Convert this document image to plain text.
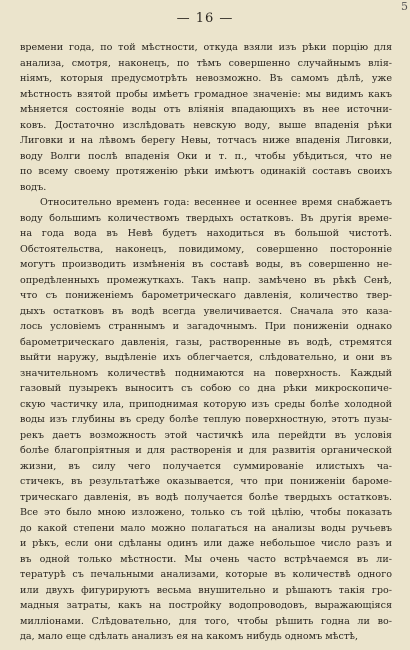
— 16 —
5
времени года, по той мѣстности, откуда взяли изъ рѣки порцію для
анализа, смотря, наконецъ, по тѣмъ совершенно случайнымъ влія-
ніямъ, которыя предусмотрѣть невозможно. Въ самомъ дѣлѣ, уже
мѣстность взятой пробы имѣетъ громадное значеніе: мы видимъ какъ
мѣняется состояніе воды отъ вліянія впадающихъ въ нее источни-
ковъ. Достаточно изслѣдовать невскую воду, выше впаденія рѣки
Лиговки и на лѣвомъ берегу Невы, тотчасъ ниже впаденія Лиговки,
воду Волги послѣ впаденія Оки и т. п., чтобы убѣдиться, что не
по всему своему протяженію рѣки имѣютъ одинакій составъ своихъ
водъ.
Относительно временъ года: весеннее и осеннее время снабжаетъ
воду большимъ количествомъ твердыхъ остатковъ. Въ другія време-
на года вода въ Невѣ будетъ находиться въ большой чистотѣ.
Обстоятельства, наконецъ, повидимому, совершенно посторонніе
могутъ производить измѣненія въ составѣ воды, въ совершенно не-
опредѣленныхъ промежуткахъ. Такъ напр. замѣчено въ рѣкѣ Сенѣ,
что съ пониженіемъ барометрическаго давленія, количество твер-
дыхъ остатковъ въ водѣ всегда увеличивается. Сначала это каза-
лось условіемъ страннымъ и загадочнымъ. При пониженіи однако
барометрическаго давленія, газы, растворенные въ водѣ, стремятся
выйти наружу, выдѣленіе ихъ облегчается, слѣдовательно, и они въ
значительномъ количествѣ поднимаются на поверхность. Каждый
газовый пузырекъ выноситъ съ собою со дна рѣки микроскопиче-
скую частичку ила, приподнимая которую изъ среды болѣе холодной
воды изъ глубины въ среду болѣе теплую поверхностную, этотъ пузы-
рекъ даетъ возможность этой частичкѣ ила перейдти въ условія
болѣе благопріятныя и для растворенія и для развитія органической
жизни, въ силу чего получается суммированіе илистыхъ ча-
стичекъ, въ результатѣже оказывается, что при пониженіи бароме-
трическаго давленія, въ водѣ получается болѣе твердыхъ остатковъ.
Все это было мною изложено, только съ той цѣлію, чтобы показать
до какой степени мало можно полагаться на анализы воды ручьевъ
и рѣкъ, если они сдѣланы одинъ или даже небольшое число разъ и
въ одной только мѣстности. Мы очень часто встрѣчаемся въ ли-
тературѣ съ печальными анализами, которые въ количествѣ одного
или двухъ фигурируютъ весьма внушительно и рѣшаютъ такія гро-
мадныя затраты, какъ на постройку водопроводовъ, выражающіяся
милліонами. Слѣдовательно, для того, чтобы рѣшить годна ли во-
да, мало еще сдѣлать анализъ ея на какомъ нибудь одномъ мѣстѣ,
